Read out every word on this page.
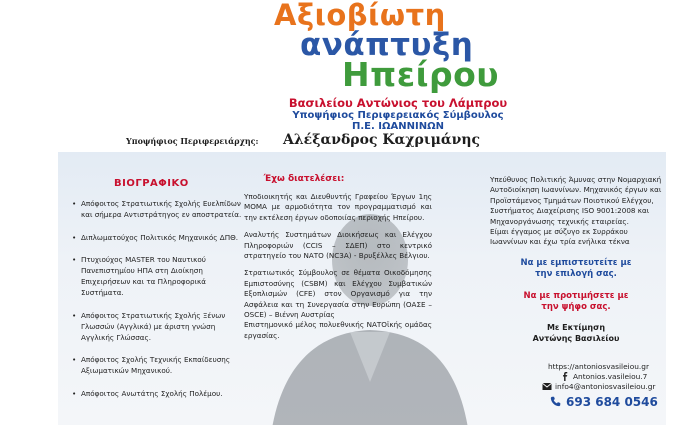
Αξιοβίωτη
ανάπτυξη
Ηπείρου
Βασιλείου Αντώνιος του Λάμπρου
Υποψήφιος Περιφερειακός Σύμβουλος
Π.Ε. ΙΩΑΝΝΙΝΩΝ
Υποψήφιος Περιφερειάρχης: Αλέξανδρος Καχριμάνης
ΒΙΟΓΡΑΦΙΚΟ
• Απόφοιτος Στρατιωτικής Σχολής Ευελπίδων και σήμερα Αντιστράτηγος εν αποστρατεία.
• Διπλωματούχος Πολιτικός Μηχανικός ΔΠΘ.
• Πτυχιούχος MASTER του Ναυτικού Πανεπιστημίου ΗΠΑ στη Διοίκηση Επιχειρήσεων και τα Πληροφορικά Συστήματα.
• Απόφοιτος Στρατιωτικής Σχολής Ξένων Γλωσσών (Αγγλικά) με άριστη γνώση Αγγλικής Γλώσσας.
• Απόφοιτος Σχολής Τεχνικής Εκπαίδευσης Αξιωματικών Μηχανικού.
• Απόφοιτος Ανωτάτης Σχολής Πολέμου.
Έχω διατελέσει:

Υποδιοικητής και Διευθυντής Γραφείου Έργων 1ης ΜΟΜΑ με αρμοδιότητα τον προγραμματισμό και την εκτέλεση έργων οδοποιίας περιοχής Ηπείρου.

Αναλυτής Συστημάτων Διοικήσεως και Ελέγχου Πληροφοριών (CCIS – ΣΔΕΠ) στο κεντρικό στρατηγείο του ΝΑΤΟ (NC3A) - Βρυξέλλες Βέλγιου.

Στρατιωτικός Σύμβουλος σε θέματα Οικοδόμησης Εμπιστοσύνης (CSBM) και Ελέγχου Συμβατικών Εξοπλισμών (CFE) στον Οργανισμό για την Ασφάλεια και τη Συνεργασία στην Ευρώπη (ΟΑΣΕ – OSCE) – Βιέννη Αυστρίας

Επιστημονικό μέλος πολυεθνικής ΝΑΤΟϊκής ομάδας εργασίας.

Υπεύθυνος Πολιτικής Άμυνας στην Νομαρχιακή Αυτοδιοίκηση Ιωαννίνων. Μηχανικός έργων και Προϊστάμενος Τμημάτων Ποιοτικού Ελέγχου, Συστήματος Διαχείρισης ISO 9001:2008 και Μηχανοργάνωσης τεχνικής εταιρείας.

Είμαι έγγαμος με σύζυγο εκ Συρράκου Ιωαννίνων και έχω τρία ενήλικα τέκνα

Να με εμπιστευτείτε με
την επιλογή σας.
Να με προτιμήσετε με
την ψήφο σας.
Με Εκτίμηση
Αντώνης Βασιλείου
https://antoniosvasileiou.gr
Antonios.vasileiou.7
info4@antoniosvasileiou.gr
693 684 0546
